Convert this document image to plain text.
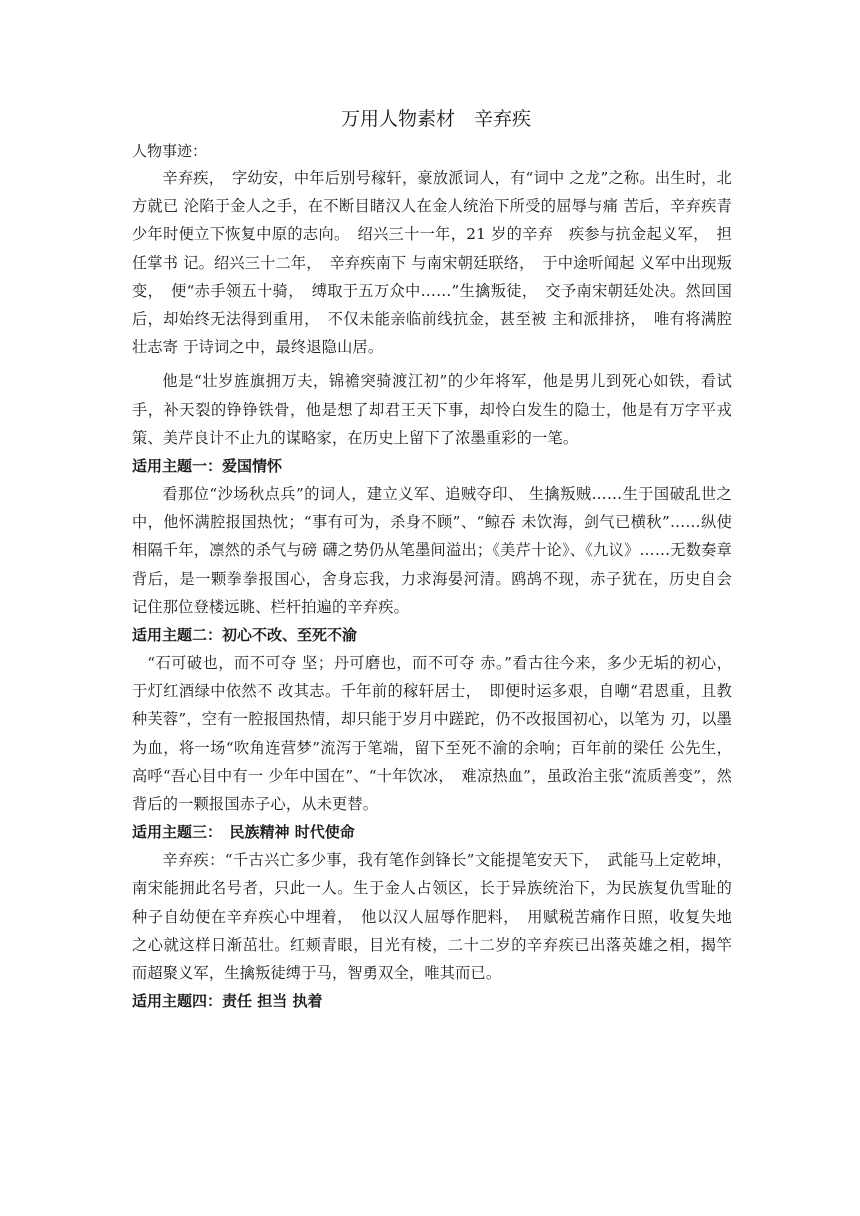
万用人物素材　辛弃疾
人物事迹：

辛弃疾，　字幼安，中年后别号稼轩，豪放派词人，有“词中 之龙”之称。出生时，北方就已 沦陷于金人之手，在不断目睹汉人在金人统治下所受的屈辱与痛 苦后，辛弃疾青少年时便立下恢复中原的志向。　绍兴三十一年，21 岁的辛弃　疾参与抗金起义军，　担任掌书 记。绍兴三十二年，　辛弃疾南下 与南宋朝廷联络，　于中途听闻起 义军中出现叛变，　便“赤手领五十骑，　缚取于五万众中……”生擒叛徒，　交予南宋朝廷处决。然回国后，却始终无法得到重用，　不仅未能亲临前线抗金，甚至被 主和派排挤，　唯有将满腔壮志寄 于诗词之中，最终退隐山居。

他是“壮岁旌旗拥万夫，锦襜突骑渡江初”的少年将军，他是男儿到死心如铁，看试手，补天裂的铮铮铁骨，他是想了却君王天下事，却怜白发生的隐士，他是有万字平戎策、美芹良计不止九的谋略家，在历史上留下了浓墨重彩的一笔。

适用主题一：爱国情怀

看那位“沙场秋点兵”的词人，建立义军、追贼夺印、 生擒叛贼……生于国破乱世之中，他怀满腔报国热忱；“事有可为，杀身不顾”、“鲸吞 未饮海，剑气已横秋”……纵使相隔千年，凛然的杀气与磅 礴之势仍从笔墨间溢出；《美芹十论》、《九议》……无数奏章背后，是一颗拳拳报国心，舍身忘我，力求海晏河清。鸥鸪不现，赤子犹在，历史自会记住那位登楼远眺、栏杆拍遍的辛弃疾。

适用主题二：初心不改、至死不渝

“石可破也，而不可夺 坚；丹可磨也，而不可夺 赤。”看古往今来，多少无垢的初心，于灯红酒绿中依然不 改其志。千年前的稼轩居士，　即便时运多艰，自嘲“君恩重，且教种芙蓉”，空有一腔报国热情，却只能于岁月中蹉跎，仍不改报国初心，以笔为 刃，以墨为血，将一场“吹角连营梦”流泻于笔端，留下至死不渝的余响；百年前的梁任 公先生，高呼“吾心目中有一 少年中国在”、“十年饮冰，　难凉热血”，虽政治主张“流质善变”，然背后的一颗报国赤子心，从未更替。

适用主题三：　民族精神 时代使命

辛弃疾：“千古兴亡多少事，我有笔作剑锋长”文能提笔安天下，　武能马上定乾坤，南宋能拥此名号者，只此一人。生于金人占领区，长于异族统治下，为民族复仇雪耻的种子自幼便在辛弃疾心中埋着，　他以汉人屈辱作肥料，　用赋税苦痛作日照，收复失地之心就这样日渐茁壮。红颊青眼，目光有棱，二十二岁的辛弃疾已出落英雄之相，揭竿而超聚义军，生擒叛徒缚于马，智勇双全，唯其而已。

适用主题四：责任 担当 执着
